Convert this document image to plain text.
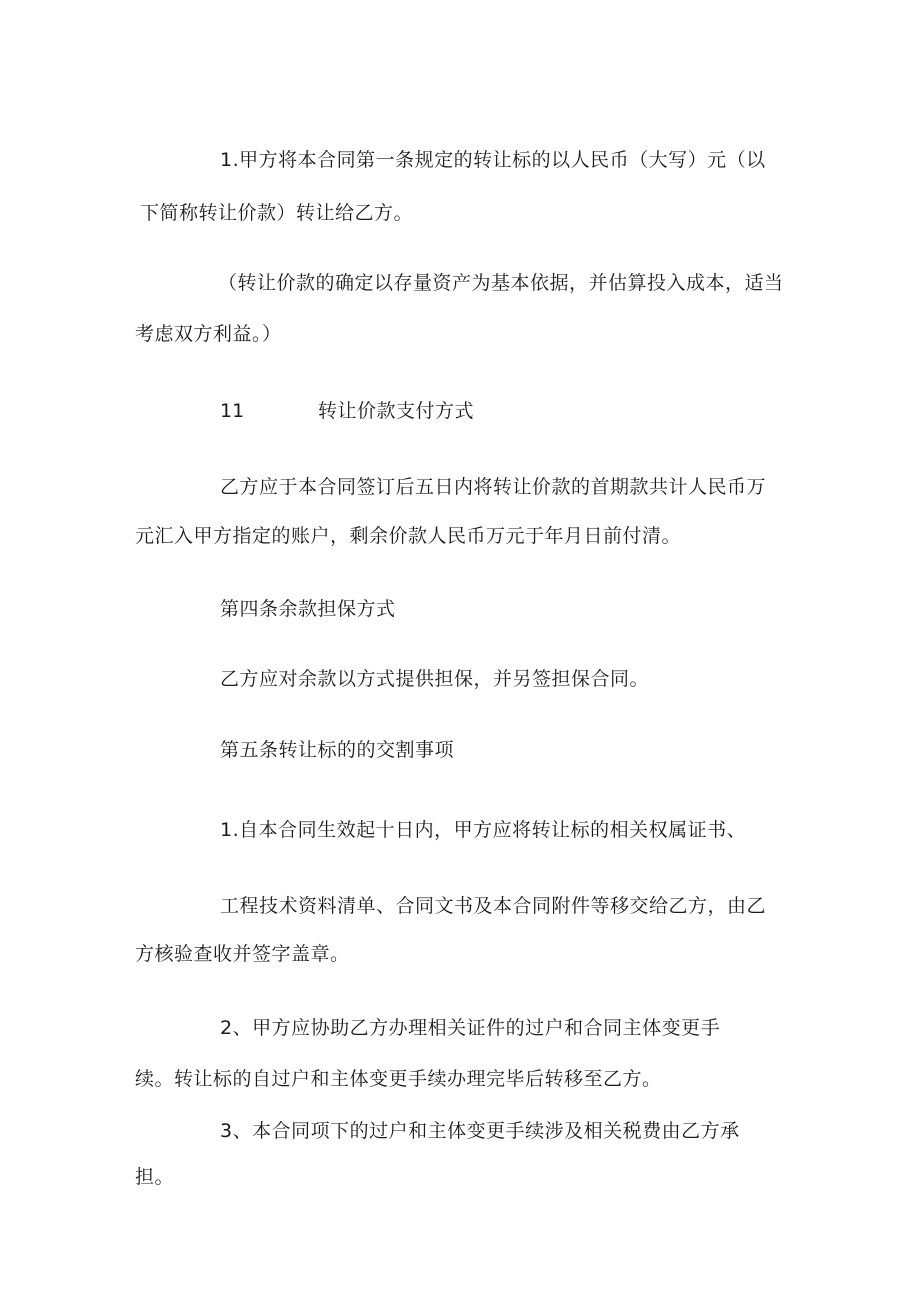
1.甲方将本合同第一条规定的转让标的以人民币（大写）元（以
下简称转让价款）转让给乙方。
（转让价款的确定以存量资产为基本依据，并估算投入成本，适当
考虑双方利益。）
11	转让价款支付方式
乙方应于本合同签订后五日内将转让价款的首期款共计人民币万
元汇入甲方指定的账户，剩余价款人民币万元于年月日前付清。
第四条余款担保方式
乙方应对余款以方式提供担保，并另签担保合同。
第五条转让标的的交割事项
1.自本合同生效起十日内，甲方应将转让标的相关权属证书、
工程技术资料清单、合同文书及本合同附件等移交给乙方，由乙
方核验查收并签字盖章。
2、甲方应协助乙方办理相关证件的过户和合同主体变更手
续。转让标的自过户和主体变更手续办理完毕后转移至乙方。
3、本合同项下的过户和主体变更手续涉及相关税费由乙方承
担。
